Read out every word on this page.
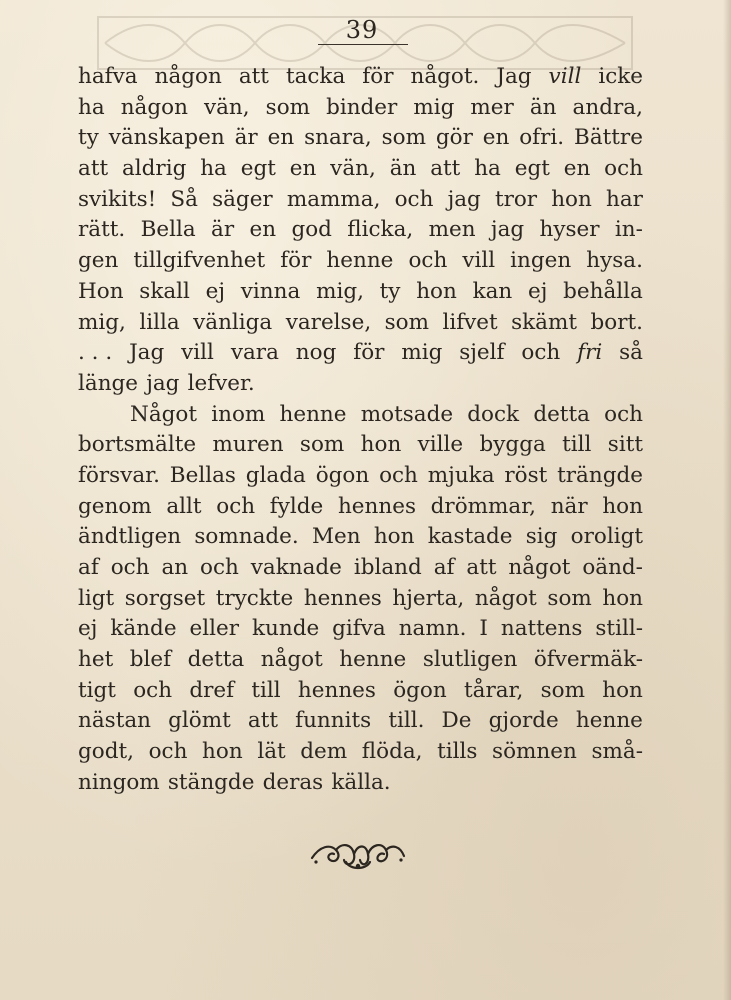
39
hafva någon att tacka för något. Jag vill icke
ha någon vän, som binder mig mer än andra,
ty vänskapen är en snara, som gör en ofri. Bättre
att aldrig ha egt en vän, än att ha egt en och
svikits! Så säger mamma, och jag tror hon har
rätt. Bella är en god flicka, men jag hyser in-
gen tillgifvenhet för henne och vill ingen hysa.
Hon skall ej vinna mig, ty hon kan ej behålla
mig, lilla vänliga varelse, som lifvet skämt bort.
. . . Jag vill vara nog för mig sjelf och fri så
länge jag lefver.
Något inom henne motsade dock detta och
bortsmälte muren som hon ville bygga till sitt
försvar. Bellas glada ögon och mjuka röst trängde
genom allt och fylde hennes drömmar, när hon
ändtligen somnade. Men hon kastade sig oroligt
af och an och vaknade ibland af att något oänd-
ligt sorgset tryckte hennes hjerta, något som hon
ej kände eller kunde gifva namn. I nattens still-
het blef detta något henne slutligen öfvermäk-
tigt och dref till hennes ögon tårar, som hon
nästan glömt att funnits till. De gjorde henne
godt, och hon lät dem flöda, tills sömnen små-
ningom stängde deras källa.
